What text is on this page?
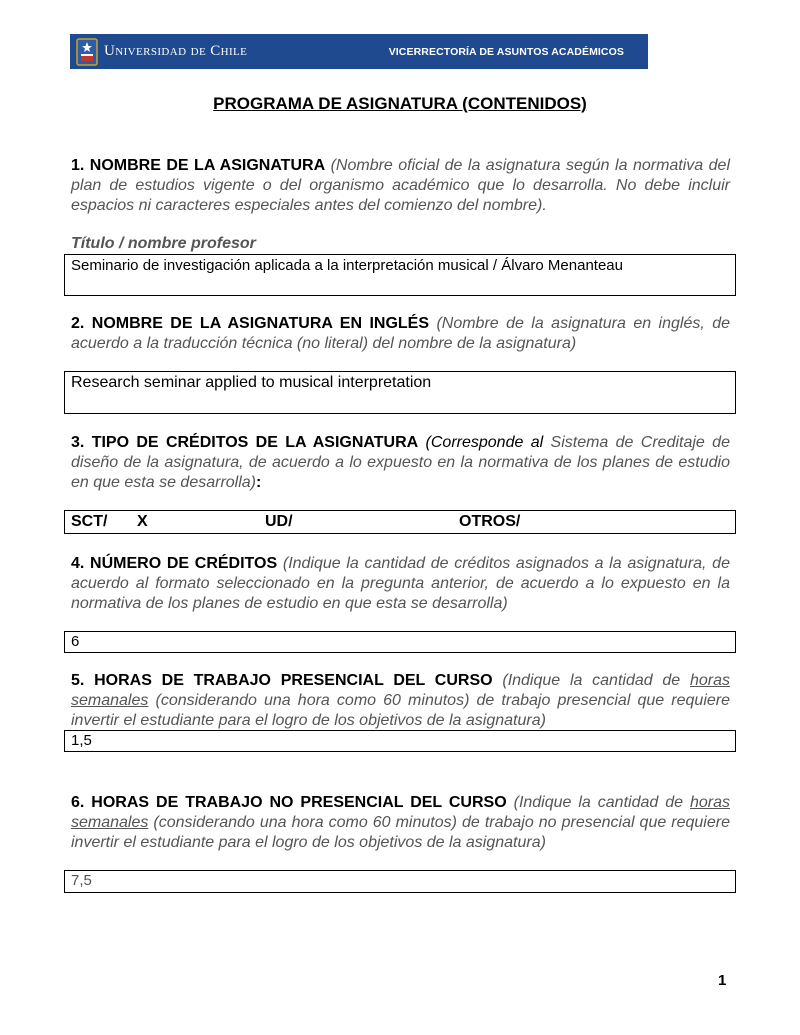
Universidad de Chile	VICERRECTORÍA DE ASUNTOS ACADÉMICOS
PROGRAMA DE ASIGNATURA (CONTENIDOS)
1. NOMBRE DE LA ASIGNATURA (Nombre oficial de la asignatura según la normativa del plan de estudios vigente o del organismo académico que lo desarrolla. No debe incluir espacios ni caracteres especiales antes del comienzo del nombre).
Título / nombre profesor
Seminario de investigación aplicada a la interpretación musical / Álvaro Menanteau
2. NOMBRE DE LA ASIGNATURA EN INGLÉS (Nombre de la asignatura en inglés, de acuerdo a la traducción técnica (no literal) del nombre de la asignatura)
Research seminar applied to musical interpretation
3. TIPO DE CRÉDITOS DE LA ASIGNATURA (Corresponde al Sistema de Creditaje de diseño de la asignatura, de acuerdo a lo expuesto en la normativa de los planes de estudio en que esta se desarrolla):
SCT/	X	UD/	OTROS/
4. NÚMERO DE CRÉDITOS (Indique la cantidad de créditos asignados a la asignatura, de acuerdo al formato seleccionado en la pregunta anterior, de acuerdo a lo expuesto en la normativa de los planes de estudio en que esta se desarrolla)
6
5. HORAS DE TRABAJO PRESENCIAL DEL CURSO (Indique la cantidad de horas semanales (considerando una hora como 60 minutos) de trabajo presencial que requiere invertir el estudiante para el logro de los objetivos de la asignatura)
1,5
6. HORAS DE TRABAJO NO PRESENCIAL DEL CURSO (Indique la cantidad de horas semanales (considerando una hora como 60 minutos) de trabajo no presencial que requiere invertir el estudiante para el logro de los objetivos de la asignatura)
7,5
1
